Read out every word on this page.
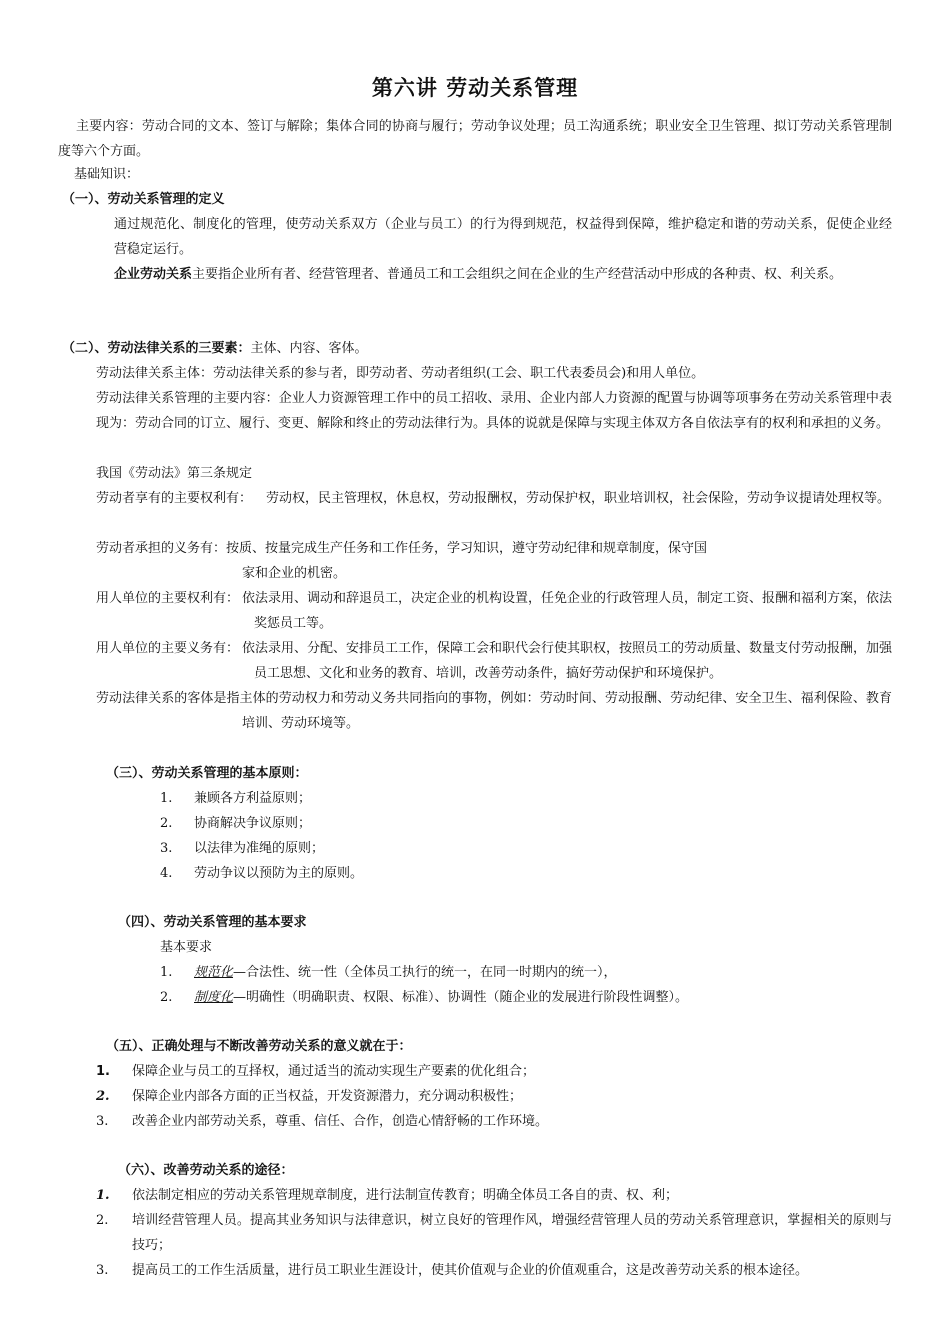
第六讲 劳动关系管理
主要内容：劳动合同的文本、签订与解除；集体合同的协商与履行；劳动争议处理；员工沟通系统；职业安全卫生管理、拟订劳动关系管理制度等六个方面。
基础知识：
（一）、劳动关系管理的定义
通过规范化、制度化的管理，使劳动关系双方（企业与员工）的行为得到规范，权益得到保障，维护稳定和谐的劳动关系，促使企业经营稳定运行。
企业劳动关系主要指企业所有者、经营管理者、普通员工和工会组织之间在企业的生产经营活动中形成的各种责、权、利关系。
（二）、劳动法律关系的三要素：主体、内容、客体。
劳动法律关系主体：劳动法律关系的参与者，即劳动者、劳动者组织(工会、职工代表委员会)和用人单位。
劳动法律关系管理的主要内容：企业人力资源管理工作中的员工招收、录用、企业内部人力资源的配置与协调等项事务在劳动关系管理中表现为：劳动合同的订立、履行、变更、解除和终止的劳动法律行为。具体的说就是保障与实现主体双方各自依法享有的权利和承担的义务。
我国《劳动法》第三条规定
劳动者享有的主要权利有： 劳动权，民主管理权，休息权，劳动报酬权，劳动保护权，职业培训权，社会保险，劳动争议提请处理权等。
劳动者承担的义务有：按质、按量完成生产任务和工作任务，学习知识，遵守劳动纪律和规章制度，保守国
家和企业的机密。
用人单位的主要权利有： 依法录用、调动和辞退员工，决定企业的机构设置，任免企业的行政管理人员，制定工资、报酬和福利方案，依法奖惩员工等。
用人单位的主要义务有： 依法录用、分配、安排员工工作，保障工会和职代会行使其职权，按照员工的劳动质量、数量支付劳动报酬，加强员工思想、文化和业务的教育、培训，改善劳动条件，搞好劳动保护和环境保护。
劳动法律关系的客体是指主体的劳动权力和劳动义务共同指向的事物，例如：劳动时间、劳动报酬、劳动纪律、安全卫生、福利保险、教育培训、劳动环境等。
（三）、劳动关系管理的基本原则：
1.	兼顾各方利益原则；
2.	协商解决争议原则；
3.	以法律为准绳的原则；
4.	劳动争议以预防为主的原则。
（四）、劳动关系管理的基本要求
基本要求
1.	规范化—合法性、统一性（全体员工执行的统一，在同一时期内的统一），
2.	制度化—明确性（明确职责、权限、标准）、协调性（随企业的发展进行阶段性调整）。
（五）、正确处理与不断改善劳动关系的意义就在于：
1.	保障企业与员工的互择权，通过适当的流动实现生产要素的优化组合；
2.	保障企业内部各方面的正当权益，开发资源潜力，充分调动积极性；
3.	改善企业内部劳动关系，尊重、信任、合作，创造心情舒畅的工作环境。
（六）、改善劳动关系的途径：
1.	依法制定相应的劳动关系管理规章制度，进行法制宣传教育；明确全体员工各自的责、权、利；
2.	培训经营管理人员。提高其业务知识与法律意识，树立良好的管理作风，增强经营管理人员的劳动关系管理意识，掌握相关的原则与技巧；
3.	提高员工的工作生活质量，进行员工职业生涯设计，使其价值观与企业的价值观重合，这是改善劳动关系的根本途径。
